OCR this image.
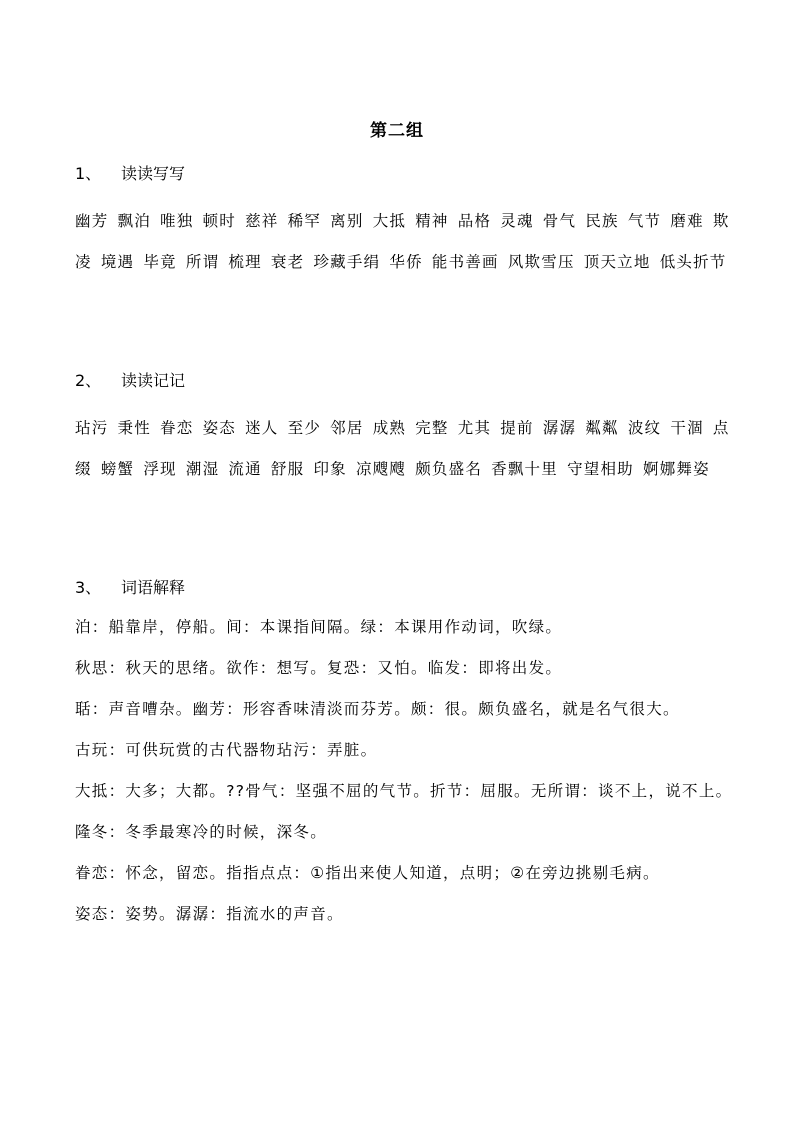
第二组
1、 读读写写
幽芳 飘泊 唯独 顿时 慈祥 稀罕 离别 大抵 精神 品格 灵魂 骨气 民族 气节 磨难 欺凌 境遇 毕竟 所谓 梳理 衰老 珍藏手绢 华侨 能书善画 风欺雪压 顶天立地 低头折节
2、 读读记记
玷污 秉性 眷恋 姿态 迷人 至少 邻居 成熟 完整 尤其 提前 潺潺 粼粼 波纹 干涸 点缀 螃蟹 浮现 潮湿 流通 舒服 印象 凉飕飕 颇负盛名 香飘十里 守望相助 婀娜舞姿
3、 词语解释

泊：船靠岸，停船。间：本课指间隔。绿：本课用作动词，吹绿。

秋思：秋天的思绪。欲作：想写。复恐：又怕。临发：即将出发。

聒：声音嘈杂。幽芳：形容香味清淡而芬芳。颇：很。颇负盛名，就是名气很大。

古玩：可供玩赏的古代器物玷污：弄脏。

大抵：大多；大都。??骨气：坚强不屈的气节。折节：屈服。无所谓：谈不上，说不上。隆冬：冬季最寒冷的时候，深冬。

眷恋：怀念，留恋。指指点点：①指出来使人知道，点明；②在旁边挑剔毛病。

姿态：姿势。潺潺：指流水的声音。
